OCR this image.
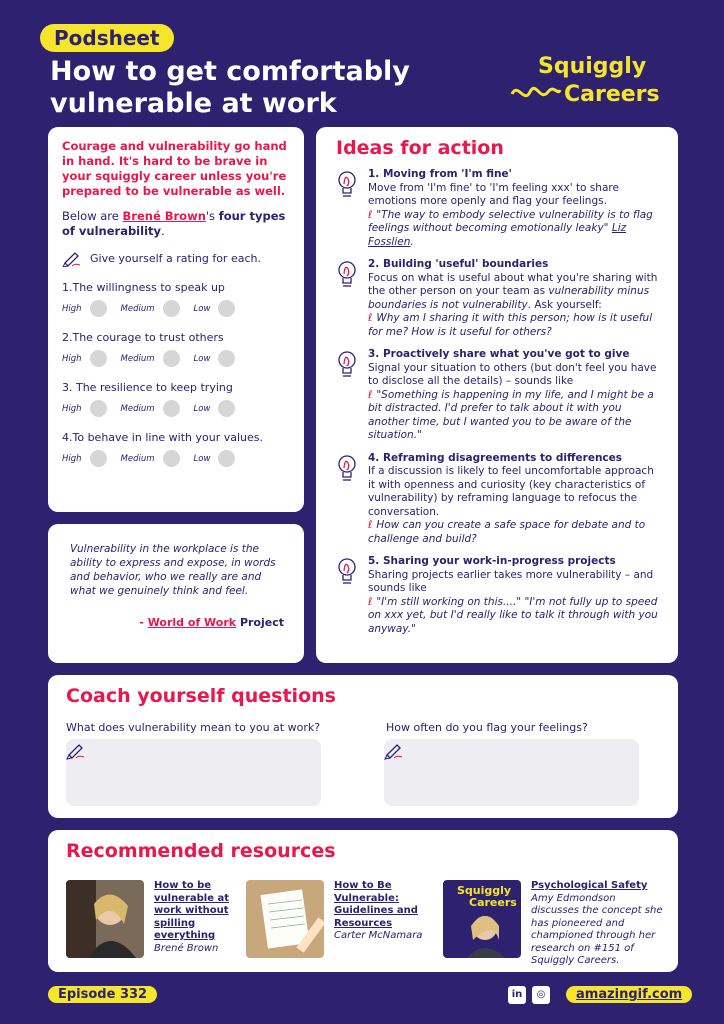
Podsheet
How to get comfortably
vulnerable at work
Squiggly
Careers
Courage and vulnerability go hand in hand. It's hard to be brave in your squiggly career unless you're prepared to be vulnerable as well.
Below are Brené Brown's four types of vulnerability.
Give yourself a rating for each.
1.The willingness to speak up
High	Medium	Low
2.The courage to trust others
High	Medium	Low
3. The resilience to keep trying
High	Medium	Low
4.To behave in line with your values.
High	Medium	Low
Vulnerability in the workplace is the ability to express and expose, in words and behavior, who we really are and what we genuinely think and feel.
- World of Work Project
Ideas for action
1. Moving from 'I'm fine'
Move from 'I'm fine' to 'I'm feeling xxx' to share emotions more openly and flag your feelings.
ℓ "The way to embody selective vulnerability is to flag feelings without becoming emotionally leaky" Liz Fosslien.
2. Building 'useful' boundaries
Focus on what is useful about what you're sharing with the other person on your team as vulnerability minus boundaries is not vulnerability. Ask yourself:
ℓ Why am I sharing it with this person; how is it useful for me? How is it useful for others?
3. Proactively share what you've got to give
Signal your situation to others (but don't feel you have to disclose all the details) – sounds like
ℓ "Something is happening in my life, and I might be a bit distracted. I'd prefer to talk about it with you another time, but I wanted you to be aware of the situation."
4. Reframing disagreements to differences
If a discussion is likely to feel uncomfortable approach it with openness and curiosity (key characteristics of vulnerability) by reframing language to refocus the conversation.
ℓ How can you create a safe space for debate and to challenge and build?
5. Sharing your work-in-progress projects
Sharing projects earlier takes more vulnerability – and sounds like
ℓ "I'm still working on this...." "I'm not fully up to speed on xxx yet, but I'd really like to talk it through with you anyway."
Coach yourself questions
What does vulnerability mean to you at work?	How often do you flag your feelings?
Recommended resources
How to be vulnerable at work without spilling everything
Brené Brown
How to Be Vulnerable: Guidelines and Resources
Carter McNamara
Squiggly
Careers
Psychological Safety
Amy Edmondson discusses the concept she has pioneered and championed through her research on #151 of Squiggly Careers.
Episode 332	in	◎	amazingif.com
